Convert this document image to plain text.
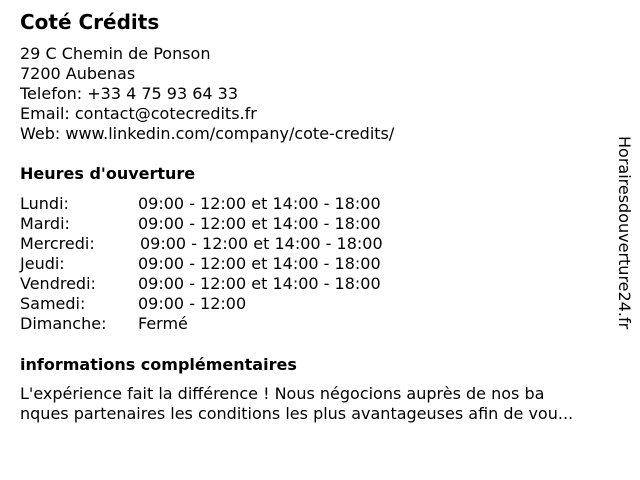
Coté Crédits
29 C Chemin de Ponson
7200 Aubenas
Telefon: +33 4 75 93 64 33
Email: contact@cotecredits.fr
Web: www.linkedin.com/company/cote-credits/
Heures d'ouverture
Lundi:	09:00 - 12:00 et 14:00 - 18:00
Mardi:	09:00 - 12:00 et 14:00 - 18:00
Mercredi:	09:00 - 12:00 et 14:00 - 18:00
Jeudi:	09:00 - 12:00 et 14:00 - 18:00
Vendredi:	09:00 - 12:00 et 14:00 - 18:00
Samedi:	09:00 - 12:00
Dimanche: Fermé
informations complémentaires
L'expérience fait la différence ! Nous négocions auprès de nos ba
nques partenaires les conditions les plus avantageuses afin de vou...
Horairesdouverture24.fr
